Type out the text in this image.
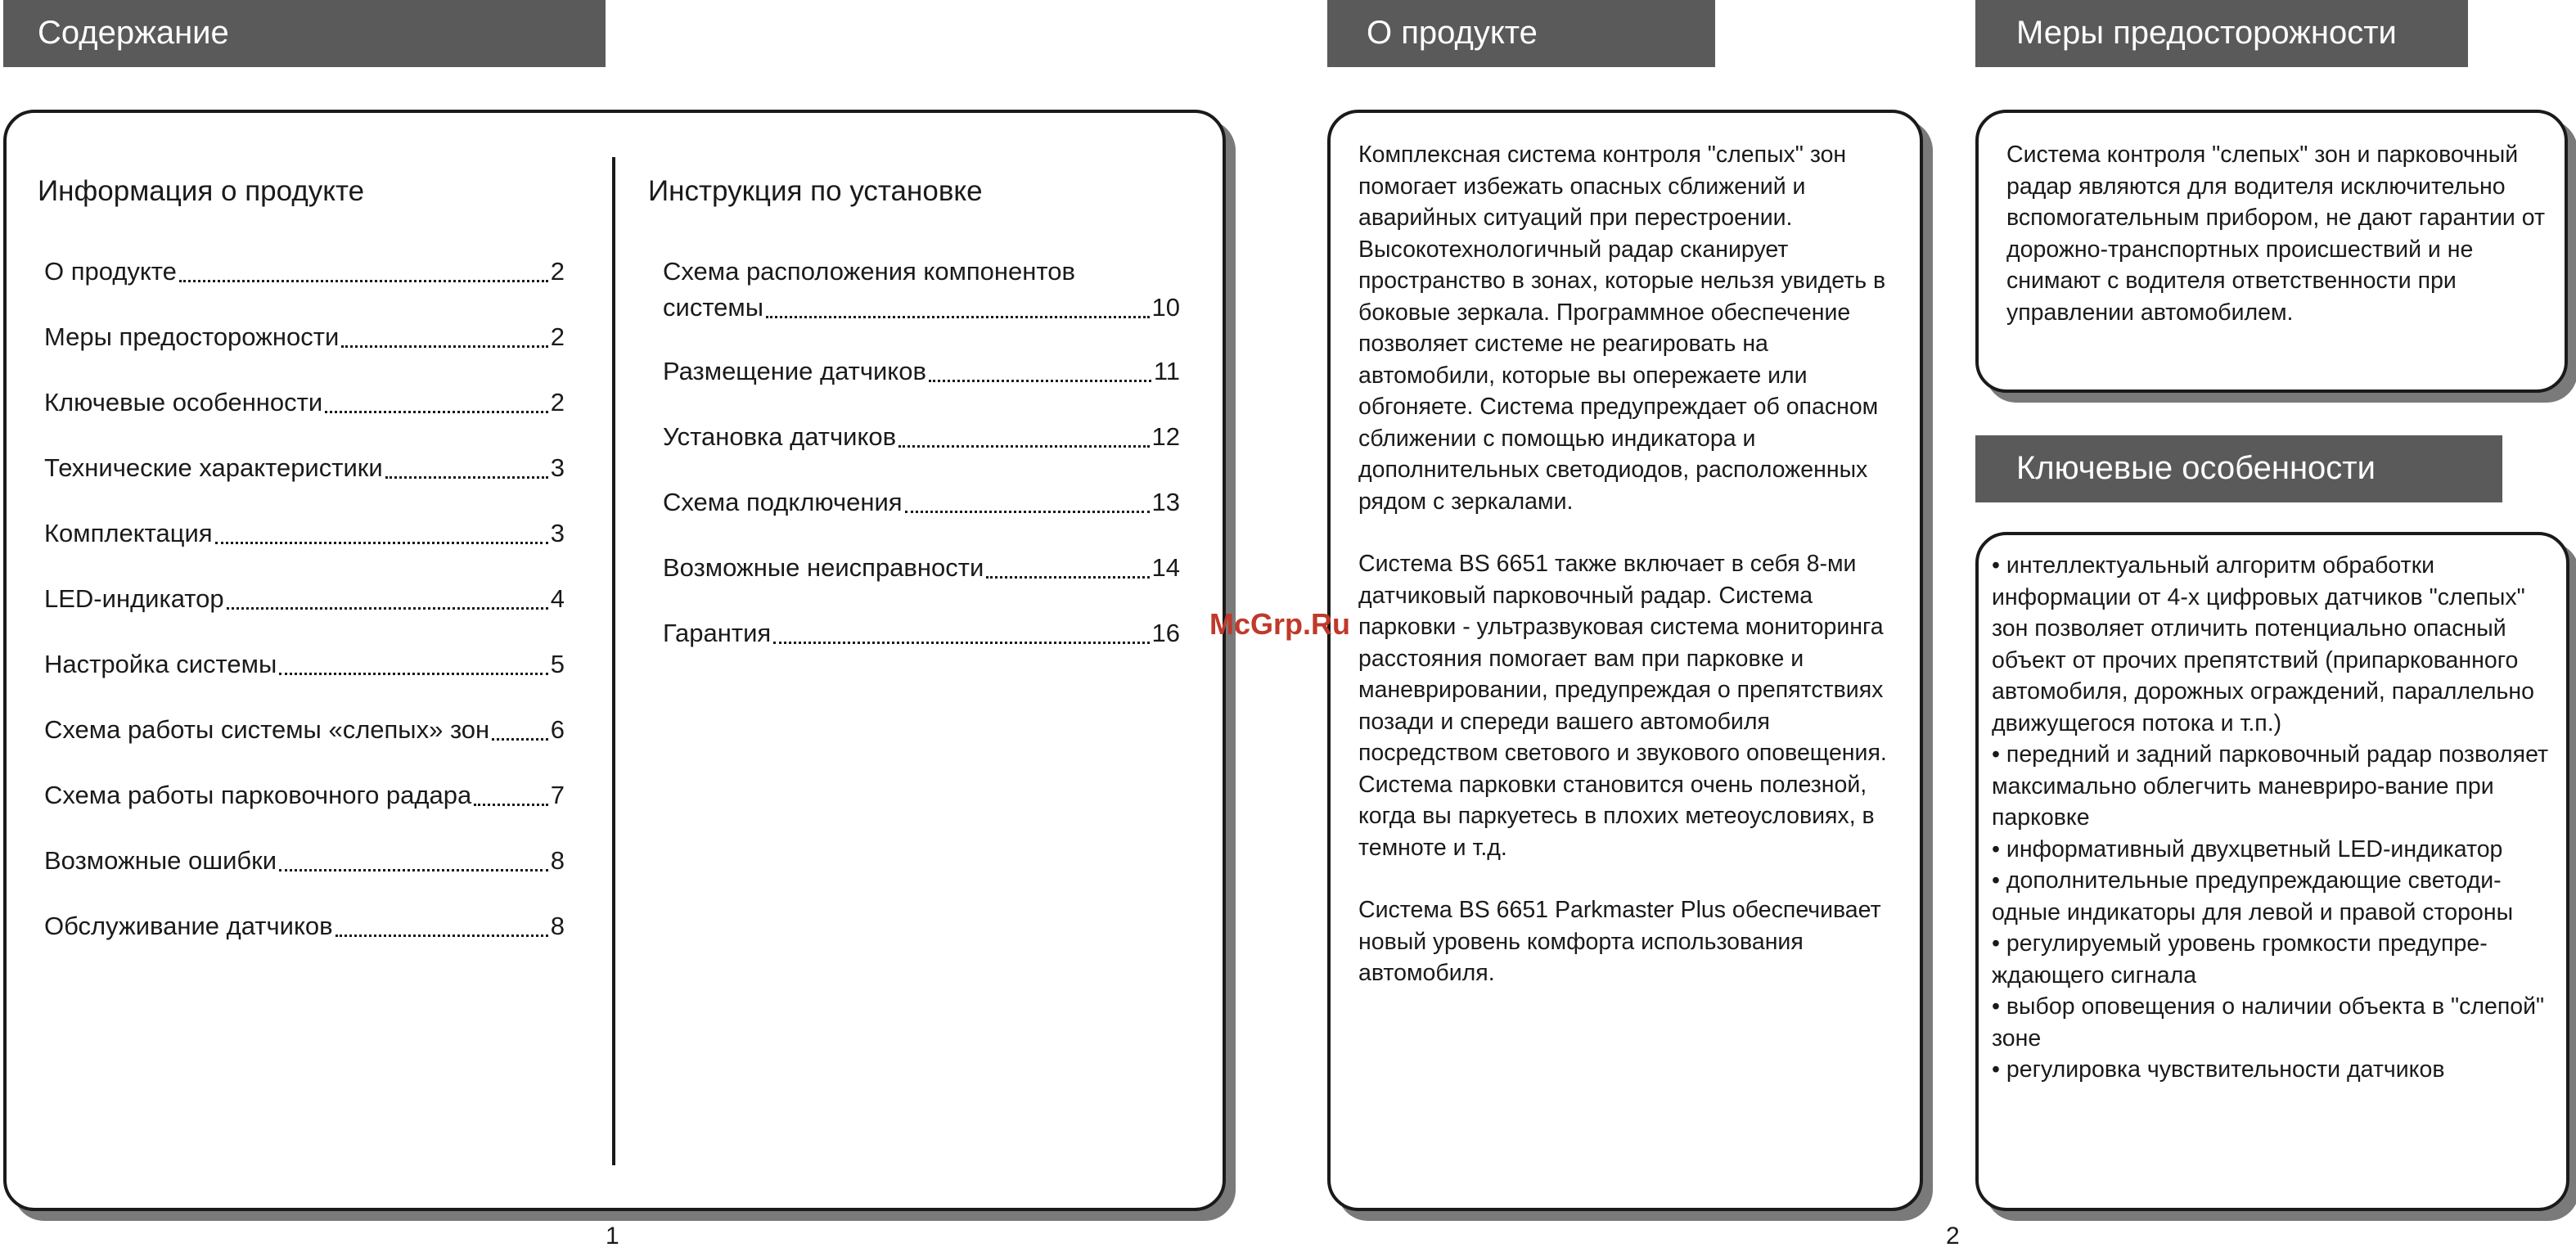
Содержание	О продукте	Меры предосторожности
Ключевые особенности
Информация о продукте	Инструкция по установке
О продукте	2
Меры предосторожности	2
Ключевые особенности	2
Технические характеристики	3
Комплектация	3
LED-индикатор	4
Настройка системы	5
Схема работы системы «слепых» зон 6
Схема работы парковочного радара	7
Возможные ошибки	8
Обслуживание датчиков	8
Схема расположения компонентов
системы	10
Размещение датчиков	11
Установка датчиков	12
Схема подключения	13
Возможные неисправности	14
Гарантия	16

Комплексная система контроля "слепых" зон помогает избежать опасных сближений и аварийных ситуаций при перестроении. Высокотехнологичный радар сканирует пространство в зонах, которые нельзя увидеть в боковые зеркала. Программное обеспечение позволяет системе не реагировать на автомобили, которые вы опережаете или обгоняете. Система предупреждает об опасном сближении с помощью индикатора и дополнительных светодиодов, расположенных рядом с зеркалами.

Система BS 6651 также включает в себя 8-ми датчиковый парковочный радар. Система парковки - ультразвуковая система мониторинга расстояния помогает вам при парковке и маневрировании, предупреждая о препятствиях позади и спереди вашего автомобиля посредством светового и звукового оповещения. Система парковки становится очень полезной, когда вы паркуетесь в плохих метеоусловиях, в темноте и т.д.

Система BS 6651 Parkmaster Plus обеспечивает новый уровень комфорта использования автомобиля.

Система контроля "слепых" зон и парковочный радар являются для водителя исключительно вспомогательным прибором, не дают гарантии от дорожно-транспортных происшествий и не снимают с водителя ответственности при управлении автомобилем.
• интеллектуальный алгоритм обработки информации от 4-х цифровых датчиков "слепых" зон позволяет отличить потенциально опасный объект от прочих препятствий (припаркованного автомобиля, дорожных ограждений, параллельно движущегося потока и т.п.)
• передний и задний парковочный радар позволяет максимально облегчить маневриро-вание при парковке
• информативный двухцветный LED-индикатор
• дополнительные предупреждающие светоди-одные индикаторы для левой и правой стороны
• регулируемый уровень громкости предупре-ждающего сигнала
• выбор оповещения о наличии объекта в "слепой" зоне
• регулировка чувствительности датчиков
1	2
McGrp.Ru
